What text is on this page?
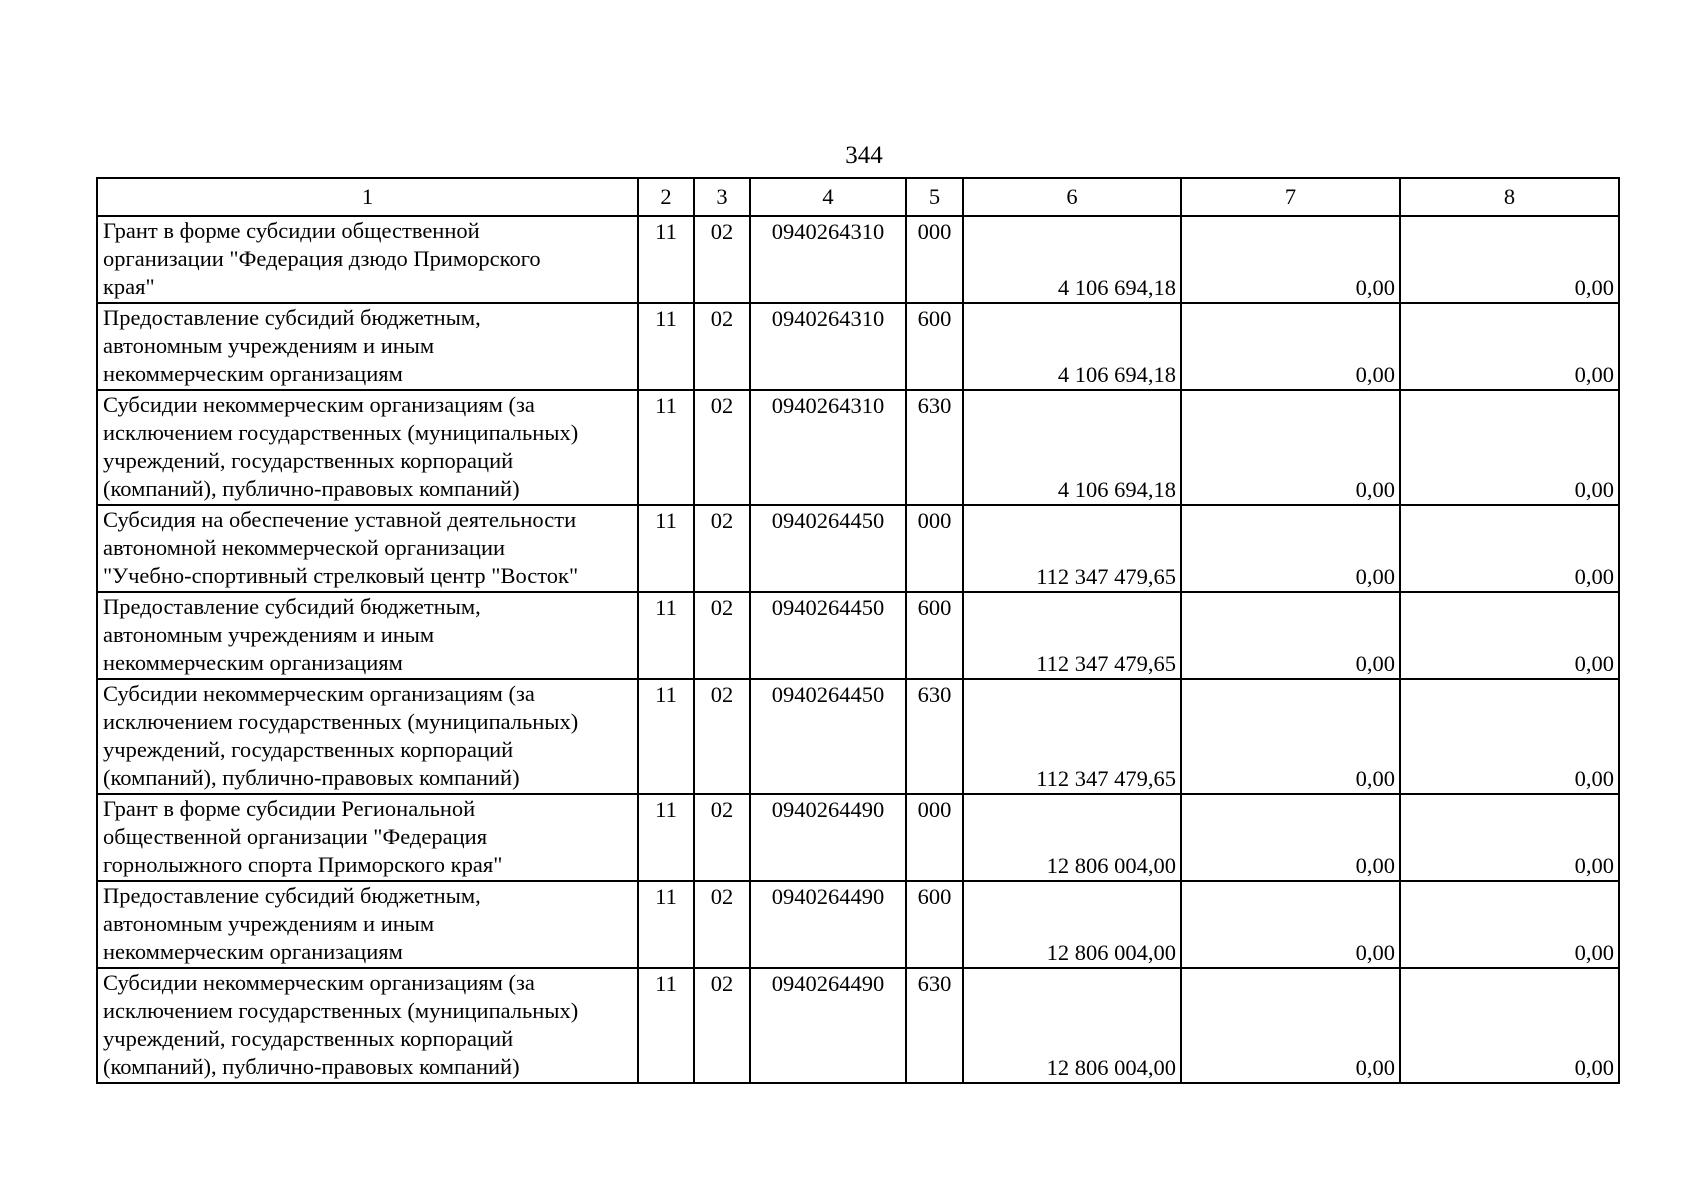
344
1	2	3	4	5	6	7	8

Грант в форме субсидии общественной
организации "Федерация дзюдо Приморского
края"	11	02	0940264310	000	4 106 694,18	0,00	0,00

Предоставление субсидий бюджетным,
автономным учреждениям и иным
некоммерческим организациям	11	02	0940264310	600	4 106 694,18	0,00	0,00

Субсидии некоммерческим организациям (за
исключением государственных (муниципальных)
учреждений, государственных корпораций
(компаний), публично-правовых компаний)	11	02	0940264310	630	4 106 694,18	0,00	0,00

Субсидия на обеспечение уставной деятельности
автономной некоммерческой организации
"Учебно-спортивный стрелковый центр "Восток"	11	02	0940264450	000	112 347 479,65	0,00	0,00

Предоставление субсидий бюджетным,
автономным учреждениям и иным
некоммерческим организациям	11	02	0940264450	600	112 347 479,65	0,00	0,00

Субсидии некоммерческим организациям (за
исключением государственных (муниципальных)
учреждений, государственных корпораций
(компаний), публично-правовых компаний)	11	02	0940264450	630	112 347 479,65	0,00	0,00

Грант в форме субсидии Региональной
общественной организации "Федерация
горнолыжного спорта Приморского края"	11	02	0940264490	000	12 806 004,00	0,00	0,00

Предоставление субсидий бюджетным,
автономным учреждениям и иным
некоммерческим организациям	11	02	0940264490	600	12 806 004,00	0,00	0,00

Субсидии некоммерческим организациям (за
исключением государственных (муниципальных)
учреждений, государственных корпораций
(компаний), публично-правовых компаний)	11	02	0940264490	630	12 806 004,00	0,00	0,00
